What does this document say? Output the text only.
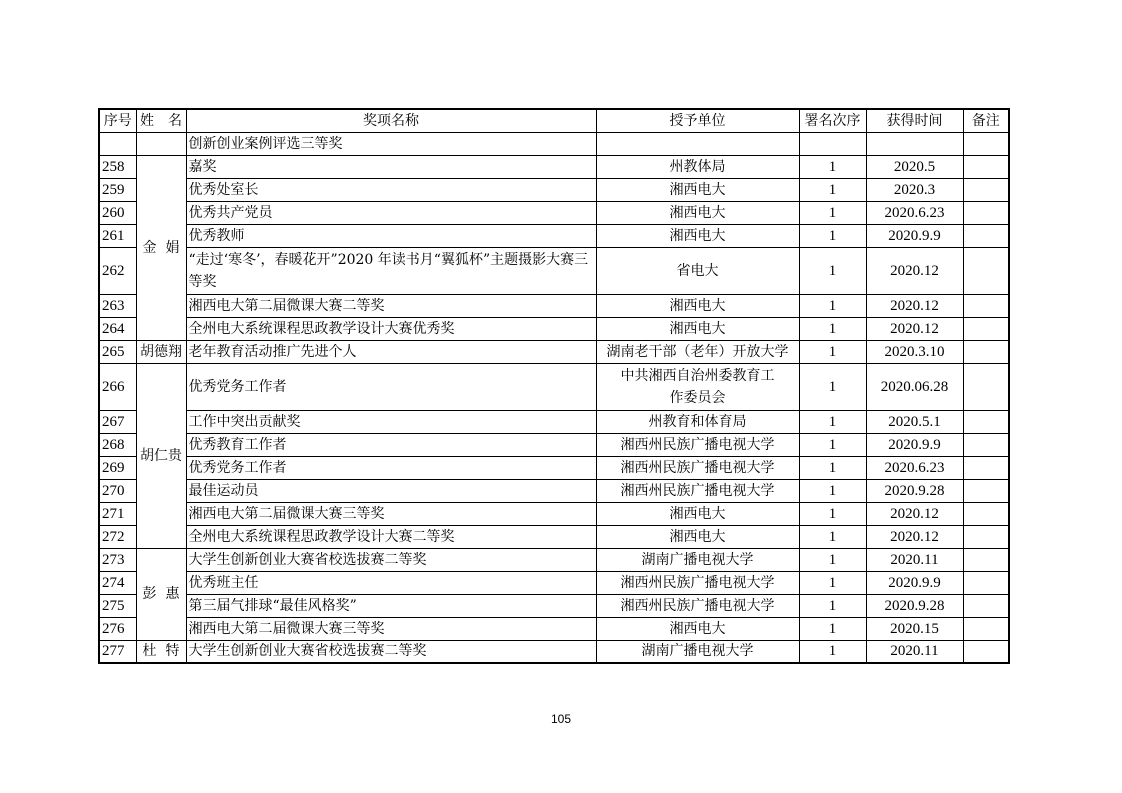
序号	姓　名	奖项名称	授予单位	署名次序	获得时间	备注
		创新创业案例评选三等奖				
258	金 娟	嘉奖	州教体局	1	2020.5	
259		优秀处室长	湘西电大	1	2020.3	
260		优秀共产党员	湘西电大	1	2020.6.23	
261		优秀教师	湘西电大	1	2020.9.9	
262		“走过‘寒冬’，春暖花开”2020 年读书月“翼狐杯”主题摄影大赛三等奖	省电大	1	2020.12	
263		湘西电大第二届微课大赛二等奖	湘西电大	1	2020.12	
264		全州电大系统课程思政教学设计大赛优秀奖	湘西电大	1	2020.12	
265	胡德翔	老年教育活动推广先进个人	湖南老干部（老年）开放大学	1	2020.3.10	
266	胡仁贵	优秀党务工作者	中共湘西自治州委教育工作委员会	1	2020.06.28	
267		工作中突出贡献奖	州教育和体育局	1	2020.5.1	
268		优秀教育工作者	湘西州民族广播电视大学	1	2020.9.9	
269		优秀党务工作者	湘西州民族广播电视大学	1	2020.6.23	
270		最佳运动员	湘西州民族广播电视大学	1	2020.9.28	
271		湘西电大第二届微课大赛三等奖	湘西电大	1	2020.12	
272		全州电大系统课程思政教学设计大赛二等奖	湘西电大	1	2020.12	
273	彭 惠	大学生创新创业大赛省校选拔赛二等奖	湖南广播电视大学	1	2020.11	
274		优秀班主任	湘西州民族广播电视大学	1	2020.9.9	
275		第三届气排球“最佳风格奖”	湘西州民族广播电视大学	1	2020.9.28	
276		湘西电大第二届微课大赛三等奖	湘西电大	1	2020.15	
277	杜 特	大学生创新创业大赛省校选拔赛二等奖	湖南广播电视大学	1	2020.11	
105
